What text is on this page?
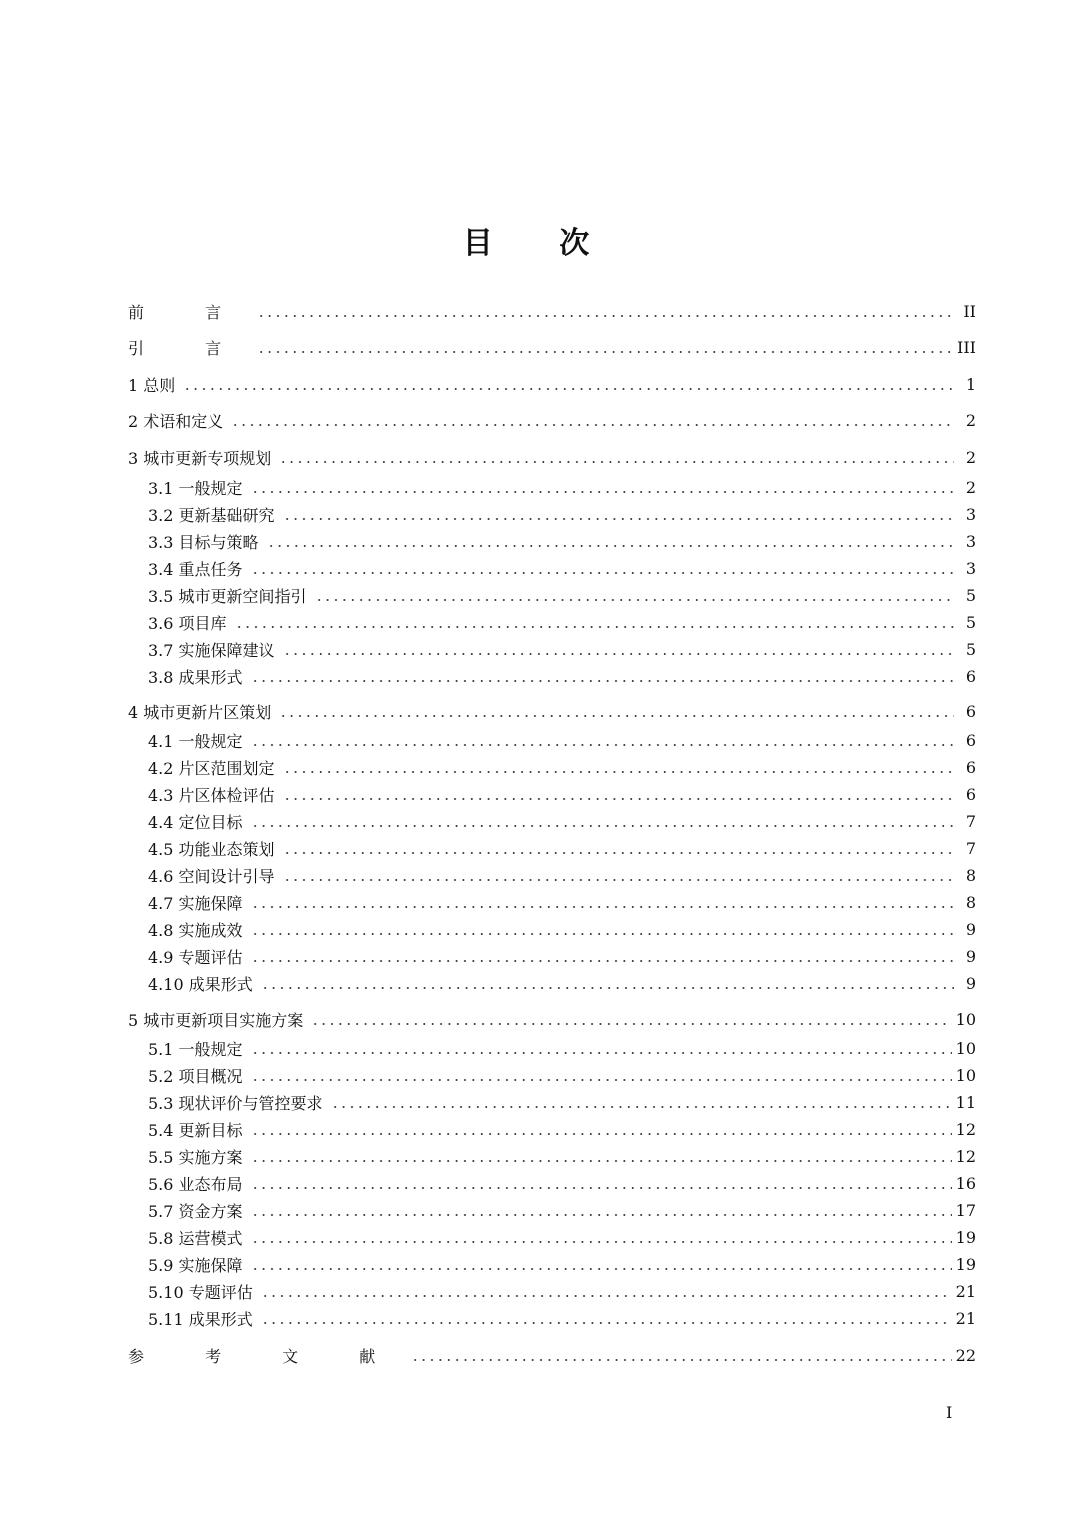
目 次
前 言	II
引 言	III
1 总则	1
2 术语和定义	2
3 城市更新专项规划	2
3.1 一般规定	2
3.2 更新基础研究	3
3.3 目标与策略	3
3.4 重点任务	3
3.5 城市更新空间指引	5
3.6 项目库	5
3.7 实施保障建议	5
3.8 成果形式	6
4 城市更新片区策划	6
4.1 一般规定	6
4.2 片区范围划定	6
4.3 片区体检评估	6
4.4 定位目标	7
4.5 功能业态策划	7
4.6 空间设计引导	8
4.7 实施保障	8
4.8 实施成效	9
4.9 专题评估	9
4.10 成果形式	9
5 城市更新项目实施方案	10
5.1 一般规定	10
5.2 项目概况	10
5.3 现状评价与管控要求	11
5.4 更新目标	12
5.5 实施方案	12
5.6 业态布局	16
5.7 资金方案	17
5.8 运营模式	19
5.9 实施保障	19
5.10 专题评估	21
5.11 成果形式	21
参 考 文 献	22
I
